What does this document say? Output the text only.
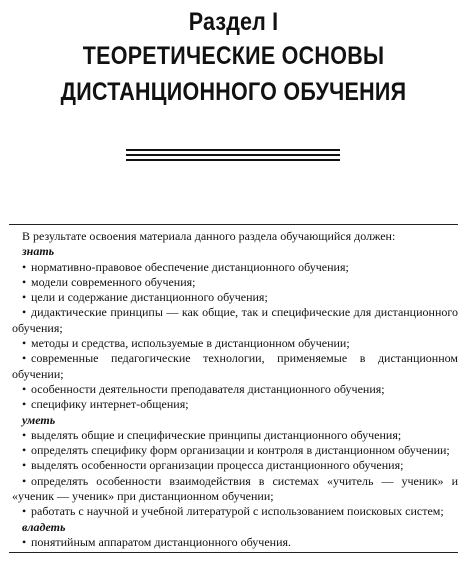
Раздел I
ТЕОРЕТИЧЕСКИЕ ОСНОВЫ
ДИСТАНЦИОННОГО ОБУЧЕНИЯ

В результате освоения материала данного раздела обучающийся должен:

знать

• нормативно-правовое обеспечение дистанционного обучения;

• модели современного обучения;

• цели и содержание дистанционного обучения;

• дидактические принципы — как общие, так и специфические для дистанционного обучения;

• методы и средства, используемые в дистанционном обучении;

• современные педагогические технологии, применяемые в дистанционном обучении;

• особенности деятельности преподавателя дистанционного обучения;

• специфику интернет-общения;

уметь

• выделять общие и специфические принципы дистанционного обучения;

• определять специфику форм организации и контроля в дистанционном обучении;

• выделять особенности организации процесса дистанционного обучения;

• определять особенности взаимодействия в системах «учитель — ученик» и «ученик — ученик» при дистанционном обучении;

• работать с научной и учебной литературой с использованием поисковых систем;

владеть

• понятийным аппаратом дистанционного обучения.
